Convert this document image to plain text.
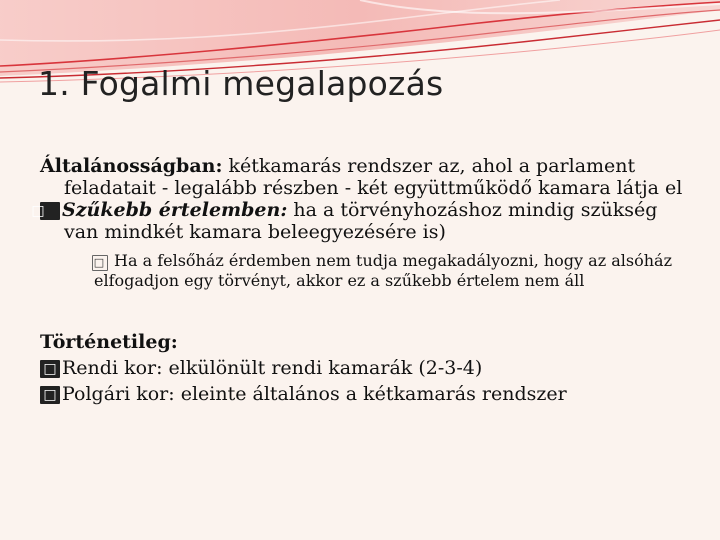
1. Fogalmi megalapozás

Általánosságban: kétkamarás rendszer az, ahol a parlament feladatait - legalább részben - két együttműködő kamara látja el

□ Szűkebb értelemben: ha a törvényhozáshoz mindig szükség van mindkét kamara beleegyezésére is)

□ Ha a felsőház érdemben nem tudja megakadályozni, hogy az alsóház elfogadjon egy törvényt, akkor ez a szűkebb értelem nem áll

Történetileg:

□ Rendi kor: elkülönült rendi kamarák (2-3-4)

□ Polgári kor: eleinte általános a kétkamarás rendszer
